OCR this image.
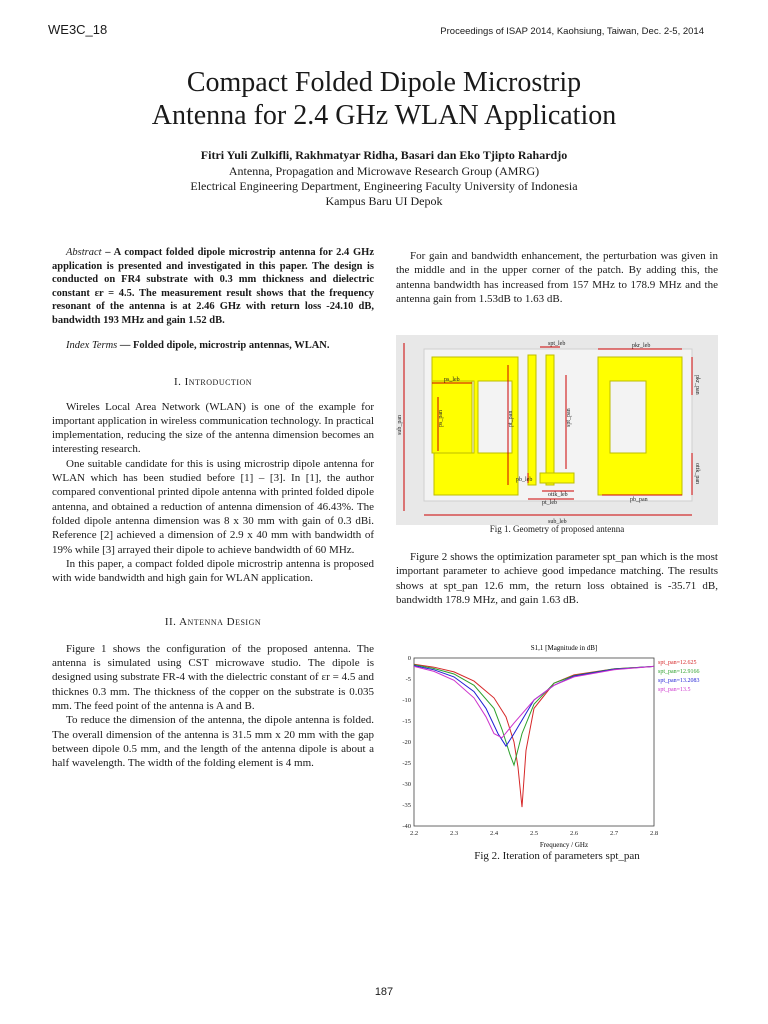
WE3C_18	Proceedings of ISAP 2014, Kaohsiung, Taiwan, Dec. 2-5, 2014
Compact Folded Dipole Microstrip
Antenna for 2.4 GHz WLAN Application
Fitri Yuli Zulkifli, Rakhmatyar Ridha, Basari dan Eko Tjipto Rahardjo
Antenna, Propagation and Microwave Research Group (AMRG)
Electrical Engineering Department, Engineering Faculty University of Indonesia
Kampus Baru UI Depok

Abstract – A compact folded dipole microstrip antenna for 2.4 GHz application is presented and investigated in this paper. The design is conducted on FR4 substrate with 0.3 mm thickness and dielectric constant εr = 4.5. The measurement result shows that the frequency resonant of the antenna is at 2.46 GHz with return loss -24.10 dB, bandwidth 193 MHz and gain 1.52 dB.

Index Terms — Folded dipole, microstrip antennas, WLAN.

I. Introduction

Wireles Local Area Network (WLAN) is one of the example for important application in wireless communication technology. In practical implementation, reducing the size of the antenna dimension becomes an interesting research.

One suitable candidate for this is using microstrip dipole antenna for WLAN which has been studied before [1] – [3]. In [1], the author compared conventional printed dipole antenna with printed folded dipole antenna, and obtained a reduction of antenna dimension of 46.43%. The folded dipole antenna dimension was 8 x 30 mm with gain of 0.3 dBi. Reference [2] achieved a dimension of 2.9 x 40 mm with bandwidth of 19% while [3] arrayed their dipole to achieve bandwidth of 60 MHz.

In this paper, a compact folded dipole microstrip antenna is proposed with wide bandwidth and high gain for WLAN application.

II. Antenna Design

Figure 1 shows the configuration of the proposed antenna. The antenna is simulated using CST microwave studio. The dipole is designed using substrate FR-4 with the dielectric constant of εr = 4.5 and thicknes 0.3 mm. The thickness of the copper on the substrate is 0.035 mm. The feed point of the antenna is A and B.

To reduce the dimension of the antenna, the dipole antenna is folded. The overall dimension of the antenna is 31.5 mm x 20 mm with the gap between dipole 0.5 mm, and the length of the antenna dipole is about a half wavelength. The width of the folding element is 4 mm.

For gain and bandwidth enhancement, the perturbation was given in the middle and in the upper corner of the patch. By adding this, the antenna bandwidth has increased from 157 MHz to 178.9 MHz and the antenna gain from 1.53dB to 1.63 dB.

spt_leb	pkr_leb
ps_leb
ps_pan	pt_pan	spt_pan
pkr_pan
ottk_pan
sub_pan
sub_leb
ottk_leb
pt_leb	pb_pan
pb_leb
Fig 1. Geometry of proposed antenna

Figure 2 shows the optimization parameter spt_pan which is the most important parameter to achieve good impedance matching. The results shows at spt_pan 12.6 mm, the return loss obtained is -35.71 dB, bandwidth 178.9 MHz, and gain 1.63 dB.

S1,1 [Magnitude in dB]
2.2	2.3	2.4	2.5	2.6	2.7	2.8
0
-5
-10
-15
-20
-25
-30
-35
-40
spt_pan=12.625
spt_pan=12.9166
spt_pan=13.2083
spt_pan=13.5
Frequency / GHz
Fig 2. Iteration of parameters spt_pan
187
